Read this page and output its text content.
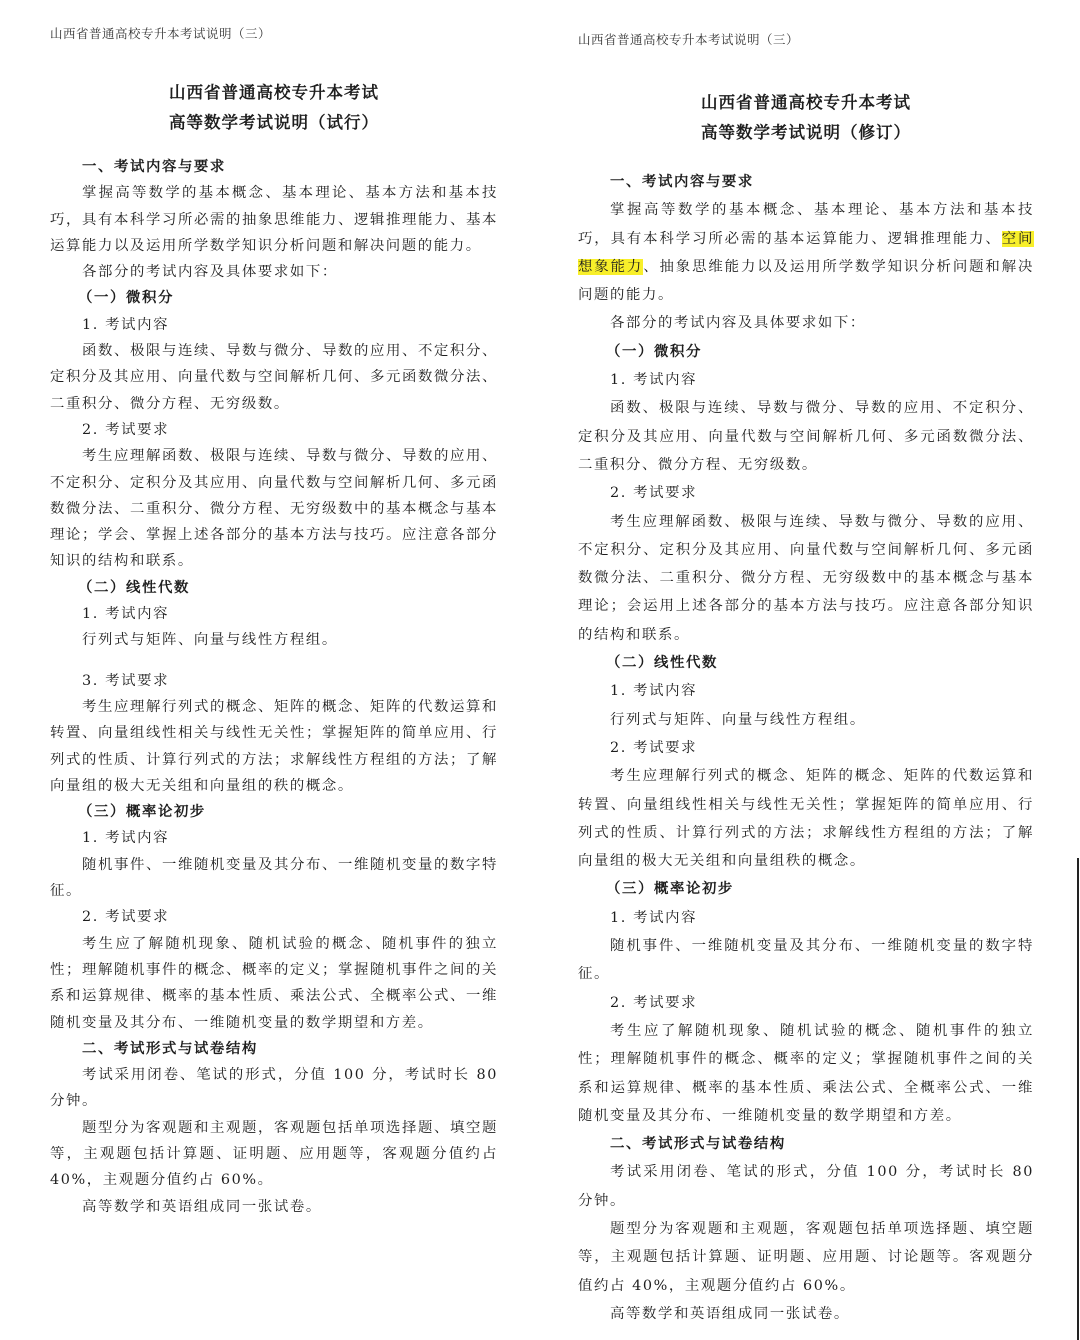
山西省普通高校专升本考试说明（三）
山西省普通高校专升本考试
高等数学考试说明（试行）

一、考试内容与要求

掌握高等数学的基本概念、基本理论、基本方法和基本技巧，具有本科学习所必需的抽象思维能力、逻辑推理能力、基本运算能力以及运用所学数学知识分析问题和解决问题的能力。

各部分的考试内容及具体要求如下：

（一）微积分

1. 考试内容

函数、极限与连续、导数与微分、导数的应用、不定积分、定积分及其应用、向量代数与空间解析几何、多元函数微分法、二重积分、微分方程、无穷级数。

2. 考试要求

考生应理解函数、极限与连续、导数与微分、导数的应用、不定积分、定积分及其应用、向量代数与空间解析几何、多元函数微分法、二重积分、微分方程、无穷级数中的基本概念与基本理论；学会、掌握上述各部分的基本方法与技巧。应注意各部分知识的结构和联系。

（二）线性代数

1. 考试内容

行列式与矩阵、向量与线性方程组。

3. 考试要求

考生应理解行列式的概念、矩阵的概念、矩阵的代数运算和转置、向量组线性相关与线性无关性；掌握矩阵的简单应用、行列式的性质、计算行列式的方法；求解线性方程组的方法；了解向量组的极大无关组和向量组的秩的概念。

（三）概率论初步

1. 考试内容

随机事件、一维随机变量及其分布、一维随机变量的数字特征。

2. 考试要求

考生应了解随机现象、随机试验的概念、随机事件的独立性；理解随机事件的概念、概率的定义；掌握随机事件之间的关系和运算规律、概率的基本性质、乘法公式、全概率公式、一维随机变量及其分布、一维随机变量的数学期望和方差。

二、考试形式与试卷结构

考试采用闭卷、笔试的形式，分值 100 分，考试时长 80 分钟。

题型分为客观题和主观题，客观题包括单项选择题、填空题等，主观题包括计算题、证明题、应用题等，客观题分值约占 40%，主观题分值约占 60%。

高等数学和英语组成同一张试卷。

山西省普通高校专升本考试说明（三）
山西省普通高校专升本考试
高等数学考试说明（修订）

一、考试内容与要求

掌握高等数学的基本概念、基本理论、基本方法和基本技巧，具有本科学习所必需的基本运算能力、逻辑推理能力、空间想象能力、抽象思维能力以及运用所学数学知识分析问题和解决问题的能力。

各部分的考试内容及具体要求如下：

（一）微积分

1. 考试内容

函数、极限与连续、导数与微分、导数的应用、不定积分、定积分及其应用、向量代数与空间解析几何、多元函数微分法、二重积分、微分方程、无穷级数。

2. 考试要求

考生应理解函数、极限与连续、导数与微分、导数的应用、不定积分、定积分及其应用、向量代数与空间解析几何、多元函数微分法、二重积分、微分方程、无穷级数中的基本概念与基本理论；会运用上述各部分的基本方法与技巧。应注意各部分知识的结构和联系。

（二）线性代数

1. 考试内容

行列式与矩阵、向量与线性方程组。

2. 考试要求

考生应理解行列式的概念、矩阵的概念、矩阵的代数运算和转置、向量组线性相关与线性无关性；掌握矩阵的简单应用、行列式的性质、计算行列式的方法；求解线性方程组的方法；了解向量组的极大无关组和向量组秩的概念。

（三）概率论初步

1. 考试内容

随机事件、一维随机变量及其分布、一维随机变量的数字特征。

2. 考试要求

考生应了解随机现象、随机试验的概念、随机事件的独立性；理解随机事件的概念、概率的定义；掌握随机事件之间的关系和运算规律、概率的基本性质、乘法公式、全概率公式、一维随机变量及其分布、一维随机变量的数学期望和方差。

二、考试形式与试卷结构

考试采用闭卷、笔试的形式，分值 100 分，考试时长 80 分钟。

题型分为客观题和主观题，客观题包括单项选择题、填空题等，主观题包括计算题、证明题、应用题、讨论题等。客观题分值约占 40%，主观题分值约占 60%。

高等数学和英语组成同一张试卷。
